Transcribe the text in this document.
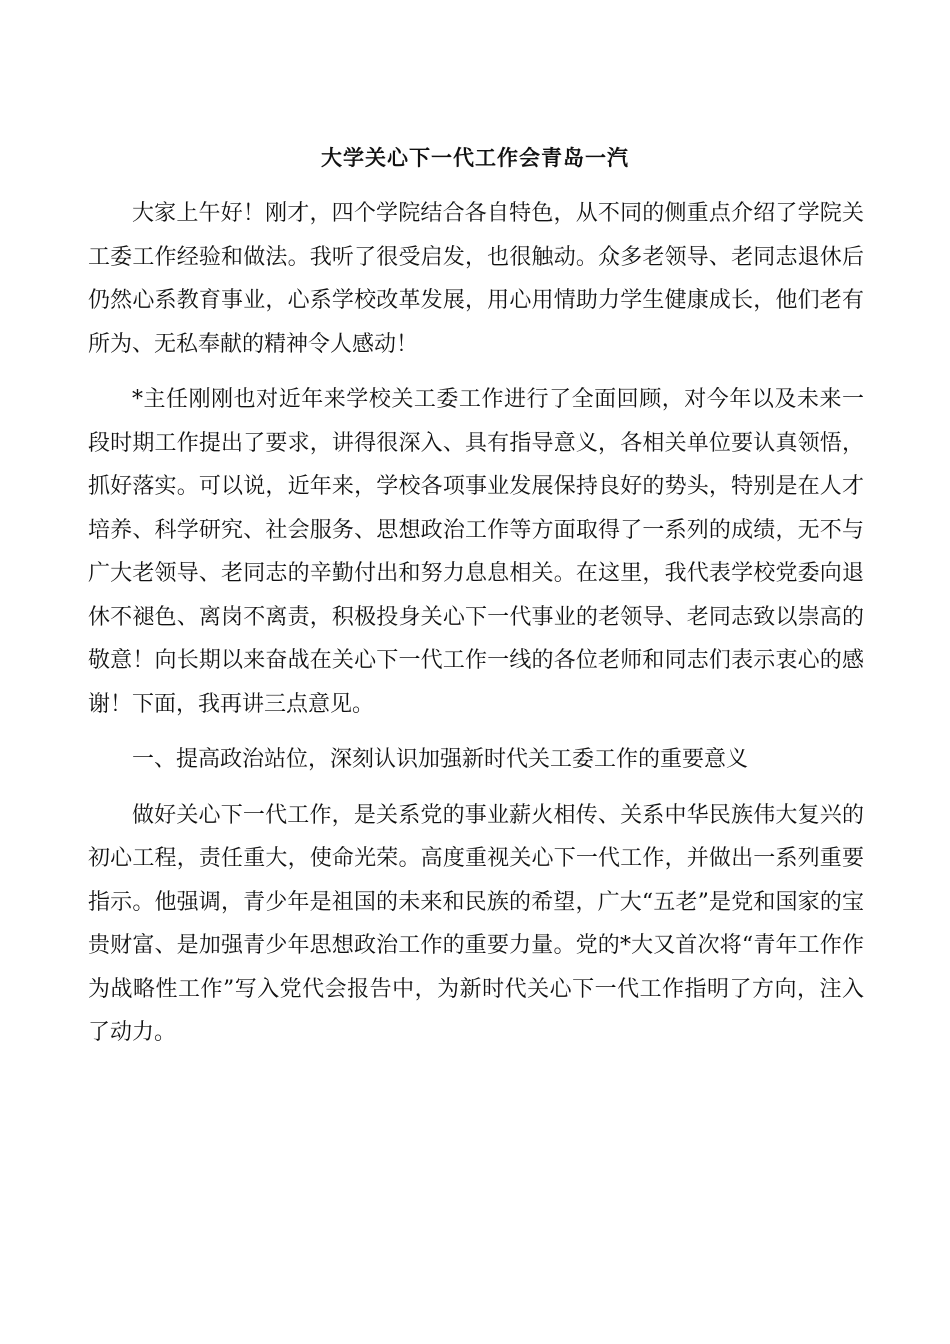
大学关心下一代工作会青岛一汽

大家上午好！刚才，四个学院结合各自特色，从不同的侧重点介绍了学院关工委工作经验和做法。我听了很受启发，也很触动。众多老领导、老同志退休后仍然心系教育事业，心系学校改革发展，用心用情助力学生健康成长，他们老有所为、无私奉献的精神令人感动！

*主任刚刚也对近年来学校关工委工作进行了全面回顾，对今年以及未来一段时期工作提出了要求，讲得很深入、具有指导意义，各相关单位要认真领悟，抓好落实。可以说，近年来，学校各项事业发展保持良好的势头，特别是在人才培养、科学研究、社会服务、思想政治工作等方面取得了一系列的成绩，无不与广大老领导、老同志的辛勤付出和努力息息相关。在这里，我代表学校党委向退休不褪色、离岗不离责，积极投身关心下一代事业的老领导、老同志致以崇高的敬意！向长期以来奋战在关心下一代工作一线的各位老师和同志们表示衷心的感谢！下面，我再讲三点意见。

一、提高政治站位，深刻认识加强新时代关工委工作的重要意义

做好关心下一代工作，是关系党的事业薪火相传、关系中华民族伟大复兴的初心工程，责任重大，使命光荣。高度重视关心下一代工作，并做出一系列重要指示。他强调，青少年是祖国的未来和民族的希望，广大“五老”是党和国家的宝贵财富、是加强青少年思想政治工作的重要力量。党的*大又首次将“青年工作作为战略性工作”写入党代会报告中，为新时代关心下一代工作指明了方向，注入了动力。
